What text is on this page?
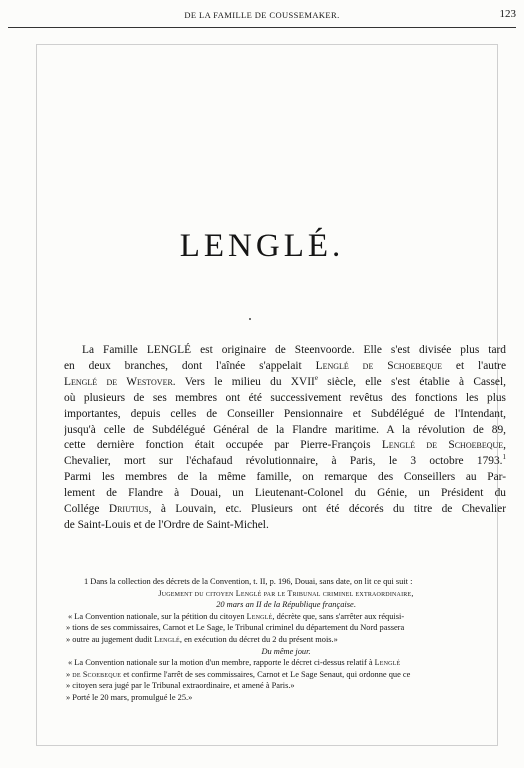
DE LA FAMILLE DE COUSSEMAKER.	123
LENGLÉ.
La Famille LENGLÉ est originaire de Steenvoorde. Elle s'est divisée plus tard
en deux branches, dont l'aînée s'appelait Lenglé de Schoebeque et l'autre
Lenglé de Westover. Vers le milieu du XVIIe siècle, elle s'est établie à Cassel,
où plusieurs de ses membres ont été successivement revêtus des fonctions les plus
importantes, depuis celles de Conseiller Pensionnaire et Subdélégué de l'Intendant,
jusqu'à celle de Subdélégué Général de la Flandre maritime. A la révolution de 89,
cette dernière fonction était occupée par Pierre-François Lenglé de Schoebeque,
Chevalier, mort sur l'échafaud révolutionnaire, à Paris, le 3 octobre 1793.$^1$
Parmi les membres de la même famille, on remarque des Conseillers au Par-
lement de Flandre à Douai, un Lieutenant-Colonel du Génie, un Président du
Collége Driutius, à Louvain, etc. Plusieurs ont été décorés du titre de Chevalier
de Saint-Louis et de l'Ordre de Saint-Michel.
1 Dans la collection des décrets de la Convention, t. II, p. 196, Douai, sans date, on lit ce qui suit :
Jugement du citoyen Lenglé par le Tribunal criminel extraordinaire,
20 mars an II de la République française.
« La Convention nationale, sur la pétition du citoyen Lenglé, décrète que, sans s'arrêter aux réquisi-
» tions de ses commissaires, Carnot et Le Sage, le Tribunal criminel du département du Nord passera
» outre au jugement dudit Lenglé, en exécution du décret du 2 du présent mois.»
Du même jour.
« La Convention nationale sur la motion d'un membre, rapporte le décret ci-dessus relatif à Lenglé
» de Scoebeque et confirme l'arrêt de ses commissaires, Carnot et Le Sage Senaut, qui ordonne que ce
» citoyen sera jugé par le Tribunal extraordinaire, et amené à Paris.»
» Porté le 20 mars, promulgué le 25.»
